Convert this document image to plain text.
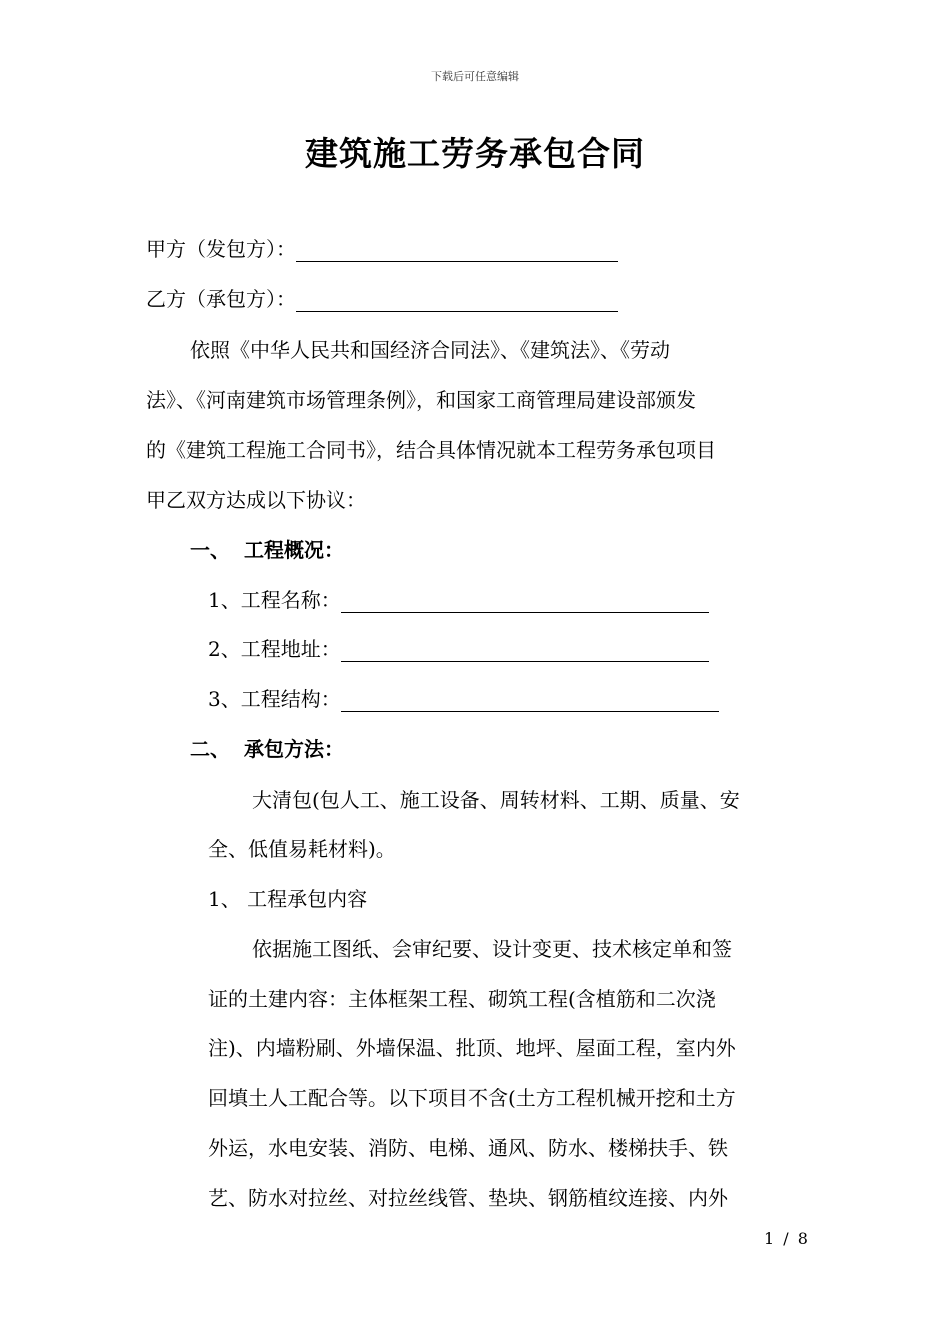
下载后可任意编辑
建筑施工劳务承包合同
甲方（发包方）：
乙方（承包方）：
依照《中华人民共和国经济合同法》、《建筑法》、《劳动
法》、《河南建筑市场管理条例》，和国家工商管理局建设部颁发
的《建筑工程施工合同书》，结合具体情况就本工程劳务承包项目
甲乙双方达成以下协议：
一、 工程概况：
1、工程名称：
2、工程地址：
3、工程结构：
二、 承包方法：
大清包(包人工、施工设备、周转材料、工期、质量、安
全、低值易耗材料)。
1、 工程承包内容
依据施工图纸、会审纪要、设计变更、技术核定单和签
证的土建内容：主体框架工程、砌筑工程(含植筋和二次浇
注)、内墙粉刷、外墙保温、批顶、地坪、屋面工程，室内外
回填土人工配合等。以下项目不含(土方工程机械开挖和土方
外运，水电安装、消防、电梯、通风、防水、楼梯扶手、铁
艺、防水对拉丝、对拉丝线管、垫块、钢筋植纹连接、内外
1 / 8
